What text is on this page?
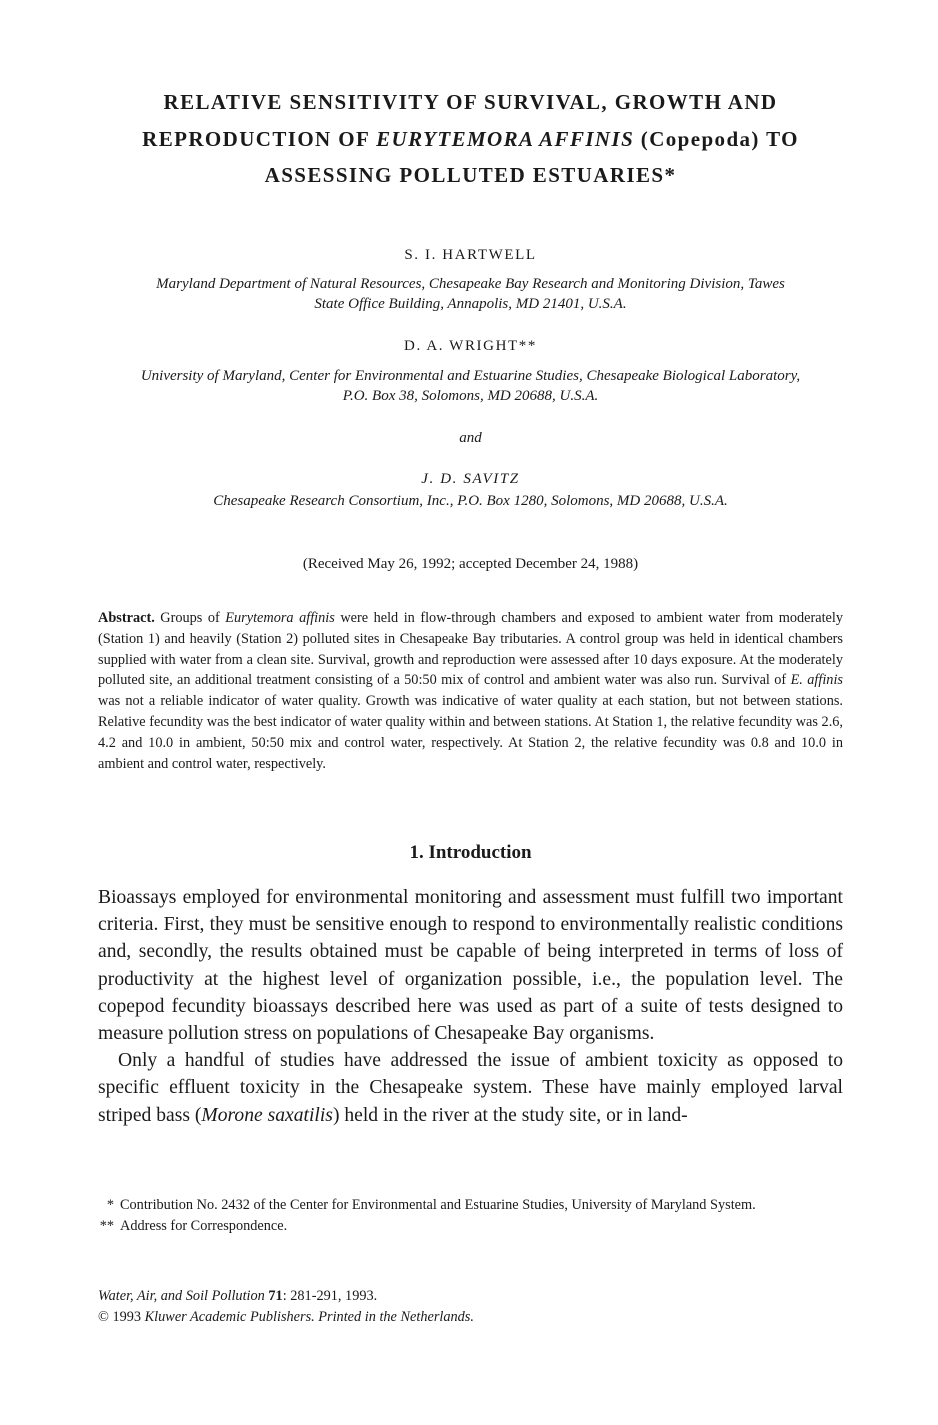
RELATIVE SENSITIVITY OF SURVIVAL, GROWTH AND
REPRODUCTION OF EURYTEMORA AFFINIS (Copepoda) TO
ASSESSING POLLUTED ESTUARIES*
S. I. HARTWELL
Maryland Department of Natural Resources, Chesapeake Bay Research and Monitoring Division, Tawes
State Office Building, Annapolis, MD 21401, U.S.A.
D. A. WRIGHT**
University of Maryland, Center for Environmental and Estuarine Studies, Chesapeake Biological Laboratory,
P.O. Box 38, Solomons, MD 20688, U.S.A.
and
J. D. SAVITZ
Chesapeake Research Consortium, Inc., P.O. Box 1280, Solomons, MD 20688, U.S.A.
(Received May 26, 1992; accepted December 24, 1988)
Abstract. Groups of Eurytemora affinis were held in flow-through chambers and exposed to ambient water from moderately (Station 1) and heavily (Station 2) polluted sites in Chesapeake Bay tributaries. A control group was held in identical chambers supplied with water from a clean site. Survival, growth and reproduction were assessed after 10 days exposure. At the moderately polluted site, an additional treatment consisting of a 50:50 mix of control and ambient water was also run. Survival of E. affinis was not a reliable indicator of water quality. Growth was indicative of water quality at each station, but not between stations. Relative fecundity was the best indicator of water quality within and between stations. At Station 1, the relative fecundity was 2.6, 4.2 and 10.0 in ambient, 50:50 mix and control water, respectively. At Station 2, the relative fecundity was 0.8 and 10.0 in ambient and control water, respectively.
1. Introduction

Bioassays employed for environmental monitoring and assessment must fulfill two important criteria. First, they must be sensitive enough to respond to environmentally realistic conditions and, secondly, the results obtained must be capable of being interpreted in terms of loss of productivity at the highest level of organization possible, i.e., the population level. The copepod fecundity bioassays described here was used as part of a suite of tests designed to measure pollution stress on populations of Chesapeake Bay organisms.

Only a handful of studies have addressed the issue of ambient toxicity as opposed to specific effluent toxicity in the Chesapeake system. These have mainly employed larval striped bass (Morone saxatilis) held in the river at the study site, or in land-

* Contribution No. 2432 of the Center for Environmental and Estuarine Studies, University of Maryland System.
** Address for Correspondence.
Water, Air, and Soil Pollution 71: 281-291, 1993.
© 1993 Kluwer Academic Publishers. Printed in the Netherlands.
